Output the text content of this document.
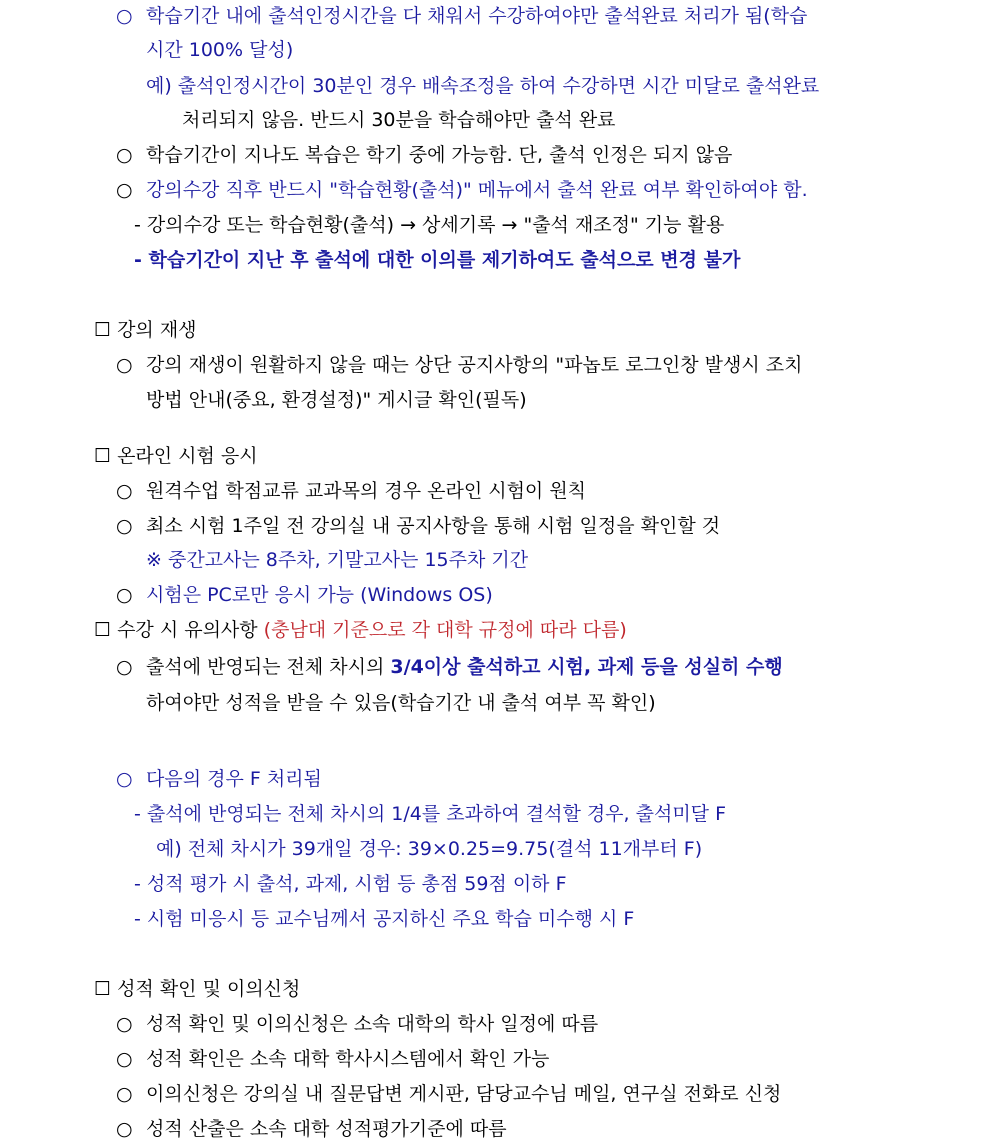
○ 학습기간 내에 출석인정시간을 다 채워서 수강하여야만 출석완료 처리가 됨(학습
시간 100% 달성)
예) 출석인정시간이 30분인 경우 배속조정을 하여 수강하면 시간 미달로 출석완료
처리되지 않음. 반드시 30분을 학습해야만 출석 완료
○ 학습기간이 지나도 복습은 학기 중에 가능함. 단, 출석 인정은 되지 않음
○ 강의수강 직후 반드시 "학습현황(출석)" 메뉴에서 출석 완료 여부 확인하여야 함.
- 강의수강 또는 학습현황(출석) → 상세기록 → "출석 재조정" 기능 활용
- 학습기간이 지난 후 출석에 대한 이의를 제기하여도 출석으로 변경 불가
☐ 강의 재생
○ 강의 재생이 원활하지 않을 때는 상단 공지사항의 "파놉토 로그인창 발생시 조치
방법 안내(중요, 환경설정)" 게시글 확인(필독)
☐ 온라인 시험 응시
○ 원격수업 학점교류 교과목의 경우 온라인 시험이 원칙
○ 최소 시험 1주일 전 강의실 내 공지사항을 통해 시험 일정을 확인할 것
※ 중간고사는 8주차, 기말고사는 15주차 기간
○ 시험은 PC로만 응시 가능 (Windows OS)
☐ 수강 시 유의사항 (충남대 기준으로 각 대학 규정에 따라 다름)
○ 출석에 반영되는 전체 차시의 3/4이상 출석하고 시험, 과제 등을 성실히 수행
하여야만 성적을 받을 수 있음(학습기간 내 출석 여부 꼭 확인)
○ 다음의 경우 F 처리됨
- 출석에 반영되는 전체 차시의 1/4를 초과하여 결석할 경우, 출석미달 F
예) 전체 차시가 39개일 경우: 39×0.25=9.75(결석 11개부터 F)
- 성적 평가 시 출석, 과제, 시험 등 총점 59점 이하 F
- 시험 미응시 등 교수님께서 공지하신 주요 학습 미수행 시 F
☐ 성적 확인 및 이의신청
○ 성적 확인 및 이의신청은 소속 대학의 학사 일정에 따름
○ 성적 확인은 소속 대학 학사시스템에서 확인 가능
○ 이의신청은 강의실 내 질문답변 게시판, 담당교수님 메일, 연구실 전화로 신청
○ 성적 산출은 소속 대학 성적평가기준에 따름
